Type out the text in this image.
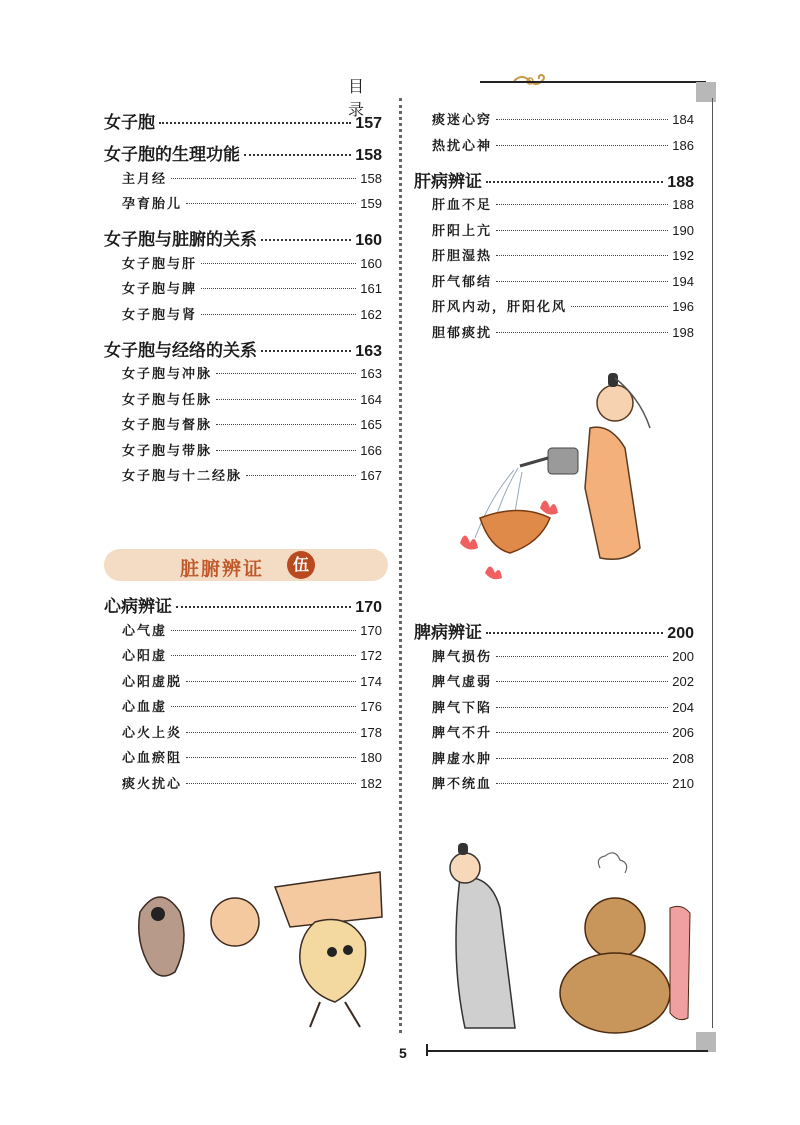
目 录
女子胞	157
女子胞的生理功能	158
主月经	158
孕育胎儿	159
女子胞与脏腑的关系	160
女子胞与肝	160
女子胞与脾	161
女子胞与肾	162
女子胞与经络的关系	163
女子胞与冲脉	163
女子胞与任脉	164
女子胞与督脉	165
女子胞与带脉	166
女子胞与十二经脉	167
心病辨证	170
心气虚	170
心阳虚	172
心阳虚脱	174
心血虚	176
心火上炎	178
心血瘀阻	180
痰火扰心	182
痰迷心窍	184
热扰心神	186
肝病辨证	188
肝血不足	188
肝阳上亢	190
肝胆湿热	192
肝气郁结	194
肝风内动，肝阳化风	196
胆郁痰扰	198
脾病辨证	200
脾气损伤	200
脾气虚弱	202
脾气下陷	204
脾气不升	206
脾虚水肿	208
脾不统血	210
脏腑辨证	伍
5
